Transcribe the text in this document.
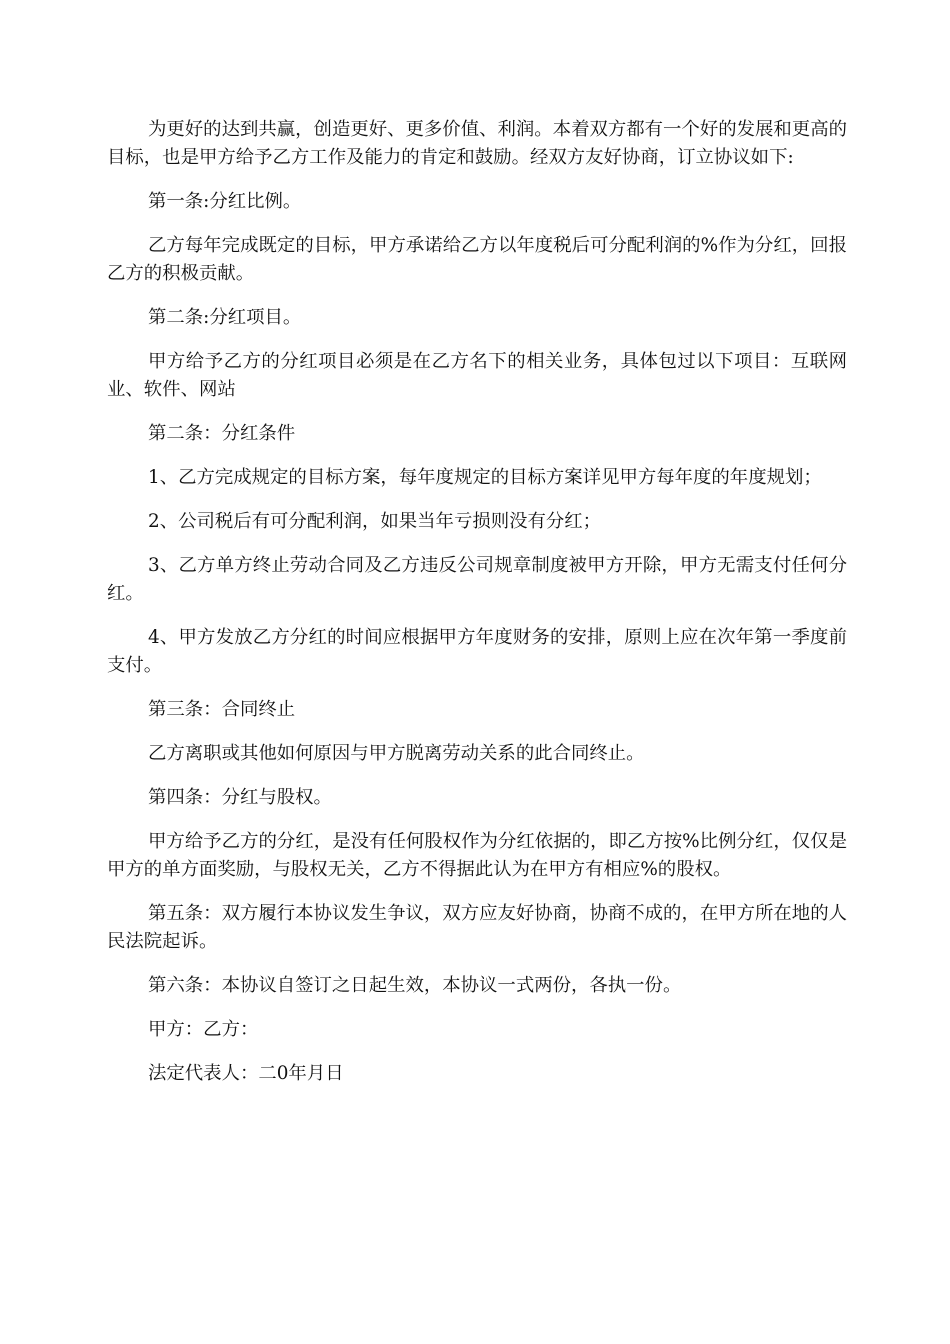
为更好的达到共赢，创造更好、更多价值、利润。本着双方都有一个好的发展和更高的目标，也是甲方给予乙方工作及能力的肯定和鼓励。经双方友好协商，订立协议如下:

第一条:分红比例。

乙方每年完成既定的目标，甲方承诺给乙方以年度税后可分配利润的%作为分红，回报乙方的积极贡献。

第二条:分红项目。

甲方给予乙方的分红项目必须是在乙方名下的相关业务，具体包过以下项目：互联网业、软件、网站

第二条：分红条件

1、乙方完成规定的目标方案，每年度规定的目标方案详见甲方每年度的年度规划；

2、公司税后有可分配利润，如果当年亏损则没有分红；

3、乙方单方终止劳动合同及乙方违反公司规章制度被甲方开除，甲方无需支付任何分红。

4、甲方发放乙方分红的时间应根据甲方年度财务的安排，原则上应在次年第一季度前支付。

第三条：合同终止

乙方离职或其他如何原因与甲方脱离劳动关系的此合同终止。

第四条：分红与股权。

甲方给予乙方的分红，是没有任何股权作为分红依据的，即乙方按%比例分红，仅仅是甲方的单方面奖励，与股权无关，乙方不得据此认为在甲方有相应%的股权。

第五条：双方履行本协议发生争议，双方应友好协商，协商不成的，在甲方所在地的人民法院起诉。

第六条：本协议自签订之日起生效，本协议一式两份，各执一份。

甲方：乙方：

法定代表人：二0年月日
